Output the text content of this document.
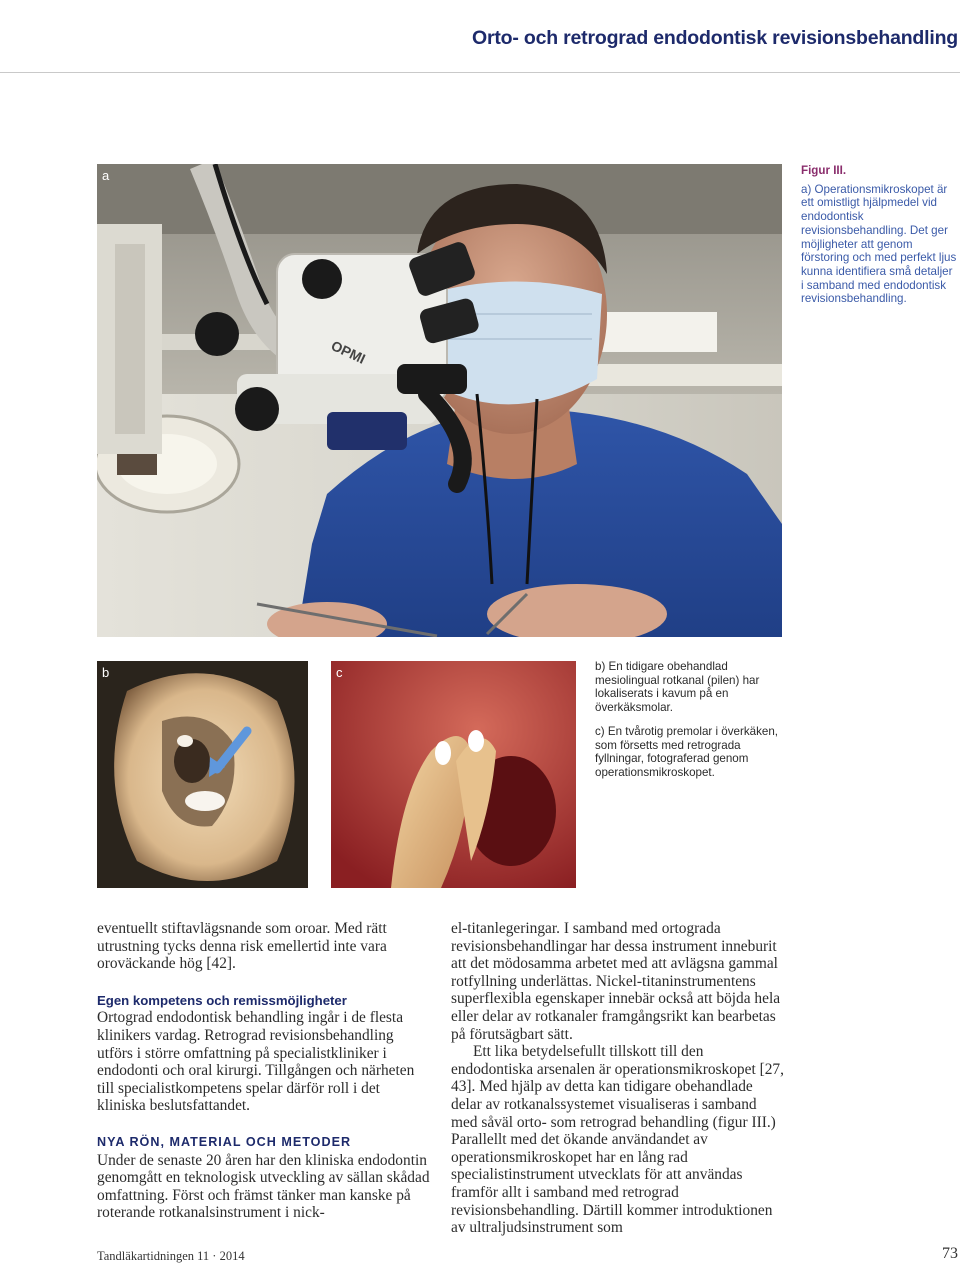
Orto- och retrograd endodontisk revisionsbehandling
OPMI
a	Figur III.

a) Operationsmikroskopet är ett omistligt hjälpmedel vid endodontisk revisionsbehandling. Det ger möjligheter att genom förstoring och med perfekt ljus kunna identifiera små detaljer i samband med endodontisk revisionsbehandling.

b	c	b) En tidigare obehandlad mesiolingual rotkanal (pilen) har lokaliserats i kavum på en överkäksmolar.

c) En tvårotig premolar i överkäken, som försetts med retrograda fyllningar, fotograferad genom operationsmikroskopet.

eventuellt stiftavlägsnande som oroar. Med rätt utrustning tycks denna risk emellertid inte vara oroväckande hög [42].

Egen kompetens och remissmöjligheter

Ortograd endodontisk behandling ingår i de flesta klinikers vardag. Retrograd revisionsbehandling utförs i större omfattning på specialistkliniker i endodonti och oral kirurgi. Tillgången och närheten till specialistkompetens spelar därför roll i det kliniska beslutsfattandet.

NYA RÖN, MATERIAL OCH METODER

Under de senaste 20 åren har den kliniska endodontin genomgått en teknologisk utveckling av sällan skådad omfattning. Först och främst tänker man kanske på roterande rotkanalsinstrument i nick-

el-titanlegeringar. I samband med ortograda revisionsbehandlingar har dessa instrument inneburit att det mödosamma arbetet med att avlägsna gammal rotfyllning underlättas. Nickel-titaninstrumentens superflexibla egenskaper innebär också att böjda hela eller delar av rotkanaler framgångsrikt kan bearbetas på förutsägbart sätt.

Ett lika betydelsefullt tillskott till den endodontiska arsenalen är operationsmikroskopet [27, 43]. Med hjälp av detta kan tidigare obehandlade delar av rotkanalssystemet visualiseras i samband med såväl orto- som retrograd behandling (figur III.) Parallellt med det ökande användandet av operationsmikroskopet har en lång rad specialistinstrument utvecklats för att användas framför allt i samband med retrograd revisionsbehandling. Därtill kommer introduktionen av ultraljudsinstrument som

Tandläkartidningen 11 · 2014	73
